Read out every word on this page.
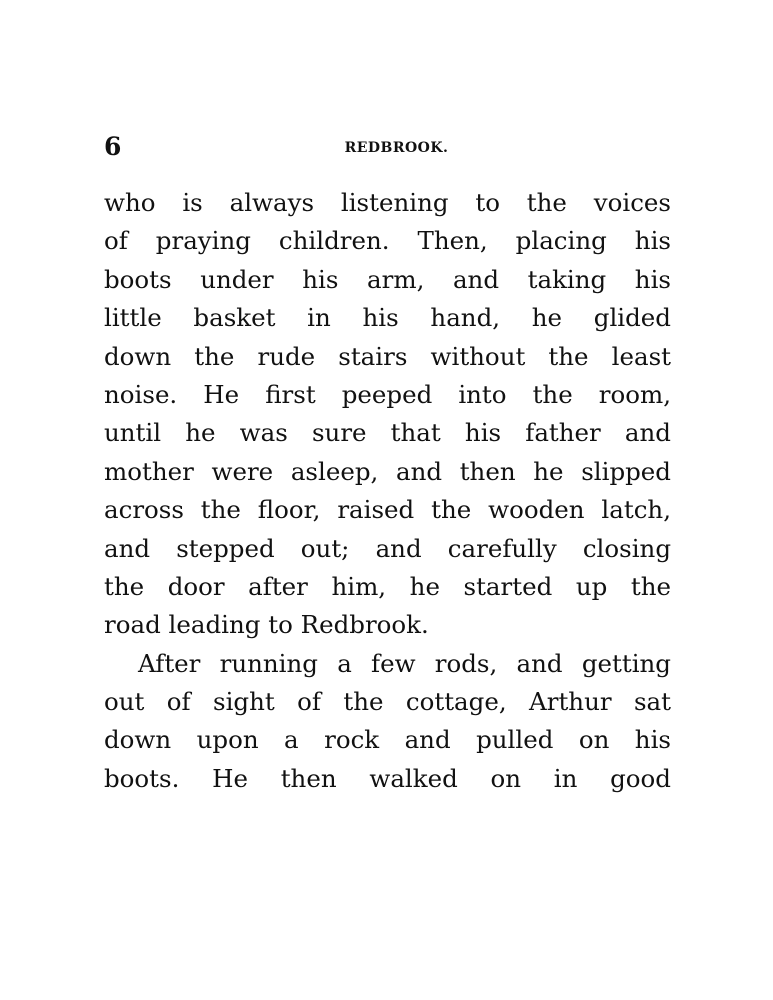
6	REDBROOK.
who is always listening to the voices
of praying children. Then, placing his
boots under his arm, and taking his
little basket in his hand, he glided
down the rude stairs without the least
noise. He first peeped into the room,
until he was sure that his father and
mother were asleep, and then he slipped
across the floor, raised the wooden latch,
and stepped out; and carefully closing
the door after him, he started up the
road leading to Redbrook.
After running a few rods, and getting
out of sight of the cottage, Arthur sat
down upon a rock and pulled on his
boots. He then walked on in good
